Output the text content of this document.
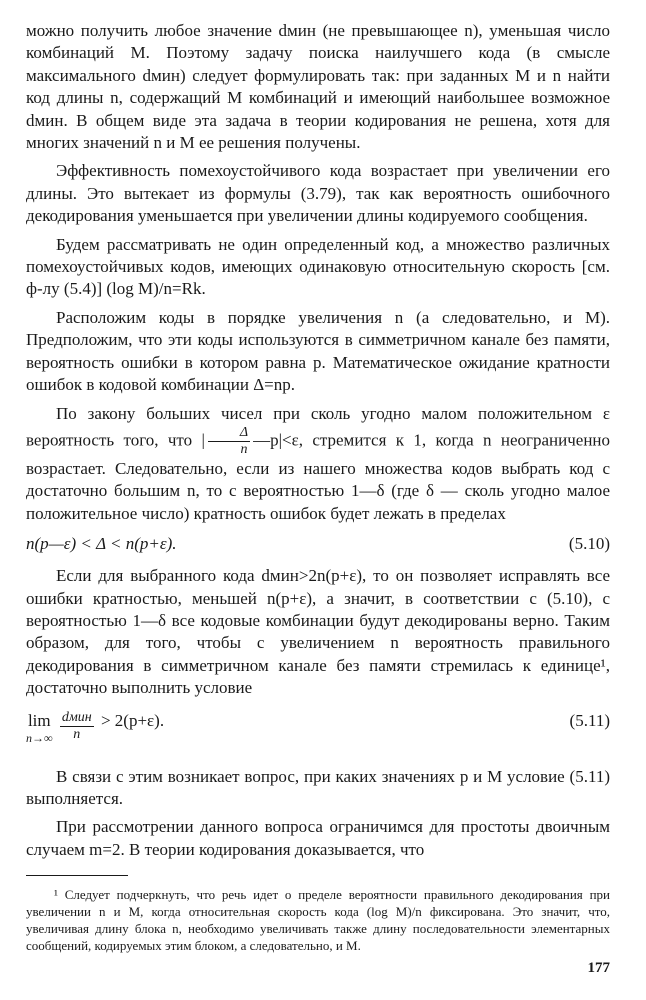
можно получить любое значение dмин (не превышающее n), уменьшая число комбинаций M. Поэтому задачу поиска наилучшего кода (в смысле максимального dмин) следует формулировать так: при заданных M и n найти код длины n, содержащий M комбинаций и имеющий наибольшее возможное dмин. В общем виде эта задача в теории кодирования не решена, хотя для многих значений n и M ее решения получены.

Эффективность помехоустойчивого кода возрастает при увеличении его длины. Это вытекает из формулы (3.79), так как вероятность ошибочного декодирования уменьшается при увеличении длины кодируемого сообщения.

Будем рассматривать не один определенный код, а множество различных помехоустойчивых кодов, имеющих одинаковую относительную скорость [см. ф-лу (5.4)] (log M)/n=Rk.

Расположим коды в порядке увеличения n (а следовательно, и M). Предположим, что эти коды используются в симметричном канале без памяти, вероятность ошибки в котором равна p. Математическое ожидание кратности ошибок в кодовой комбинации Δ=np.

По закону больших чисел при сколь угодно малом положительном ε вероятность того, что | $\frac{\Delta}{n}$ —p|<ε, стремится к 1, когда n неограниченно возрастает. Следовательно, если из нашего множества кодов выбрать код с достаточно большим n, то с вероятностью 1—δ (где δ — сколь угодно малое положительное число) кратность ошибок будет лежать в пределах

n(p—ε) < Δ < n(p+ε).	(5.10)

Если для выбранного кода dмин>2n(p+ε), то он позволяет исправлять все ошибки кратностью, меньшей n(p+ε), а значит, в соответствии с (5.10), с вероятностью 1—δ все кодовые комбинации будут декодированы верно. Таким образом, для того, чтобы с увеличением n вероятность правильного декодирования в симметричном канале без памяти стремилась к единице¹, достаточно выполнить условие

lim
n→∞
$\frac{\text{dмин}}{n} > 2(p+\varepsilon)$.	(5.11)

В связи с этим возникает вопрос, при каких значениях p и M условие (5.11) выполняется.

При рассмотрении данного вопроса ограничимся для простоты двоичным случаем m=2. В теории кодирования доказывается, что

¹ Следует подчеркнуть, что речь идет о пределе вероятности правильного декодирования при увеличении n и M, когда относительная скорость кода (log M)/n фиксирована. Это значит, что, увеличивая длину блока n, необходимо увеличивать также длину последовательности элементарных сообщений, кодируемых этим блоком, а следовательно, и M.

177
